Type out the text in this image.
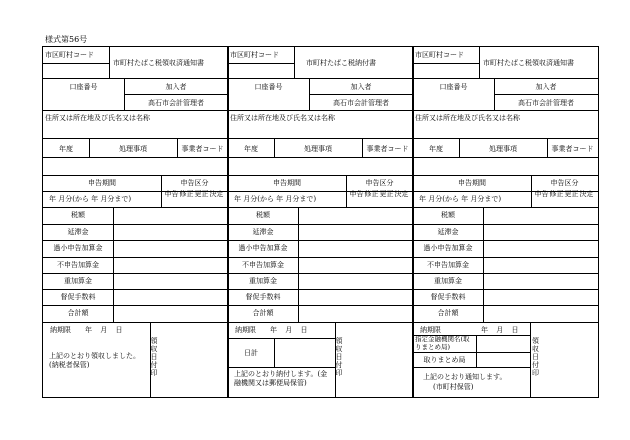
様式第56号
市区町村コード
市町村たばこ税領収済通知書
口座番号	加入者
高石市会計管理者
住所又は所在地及び氏名又は名称
年度	処理事項	事業者コード
申告期間	申告区分
年 月分(から 年 月分まで)
申告 修正 更正 決定
税額
延滞金
過小申告加算金
不申告加算金
重加算金
督促手数料
合計額
納期限	年 月 日
領収日付印
上記のとおり領収しました。(納税者保管)
市区町村コード
市町村たばこ税納付書
口座番号	加入者
高石市会計管理者
住所又は所在地及び氏名又は名称
年度	処理事項	事業者コード
申告期間	申告区分
年 月分(から 年 月分まで)
申告 修正 更正 決定
税額
延滞金
過小申告加算金
不申告加算金
重加算金
督促手数料
合計額
納期限	年 月 日
日計
領収日付印
上記のとおり納付します。(金融機関又は郵便局保管)
市区町村コード
市町村たばこ税領収済通知書
口座番号	加入者
高石市会計管理者
住所又は所在地及び氏名又は名称
年度	処理事項	事業者コード
申告期間	申告区分
年 月分(から 年 月分まで)
申告 修正 更正 決定
税額
延滞金
過小申告加算金
不申告加算金
重加算金
督促手数料
合計額
納期限	年 月 日
指定金融機関名(取りまとめ局)
取りまとめ局
領収日付印
上記のとおり通知します。
(市町村保管)
